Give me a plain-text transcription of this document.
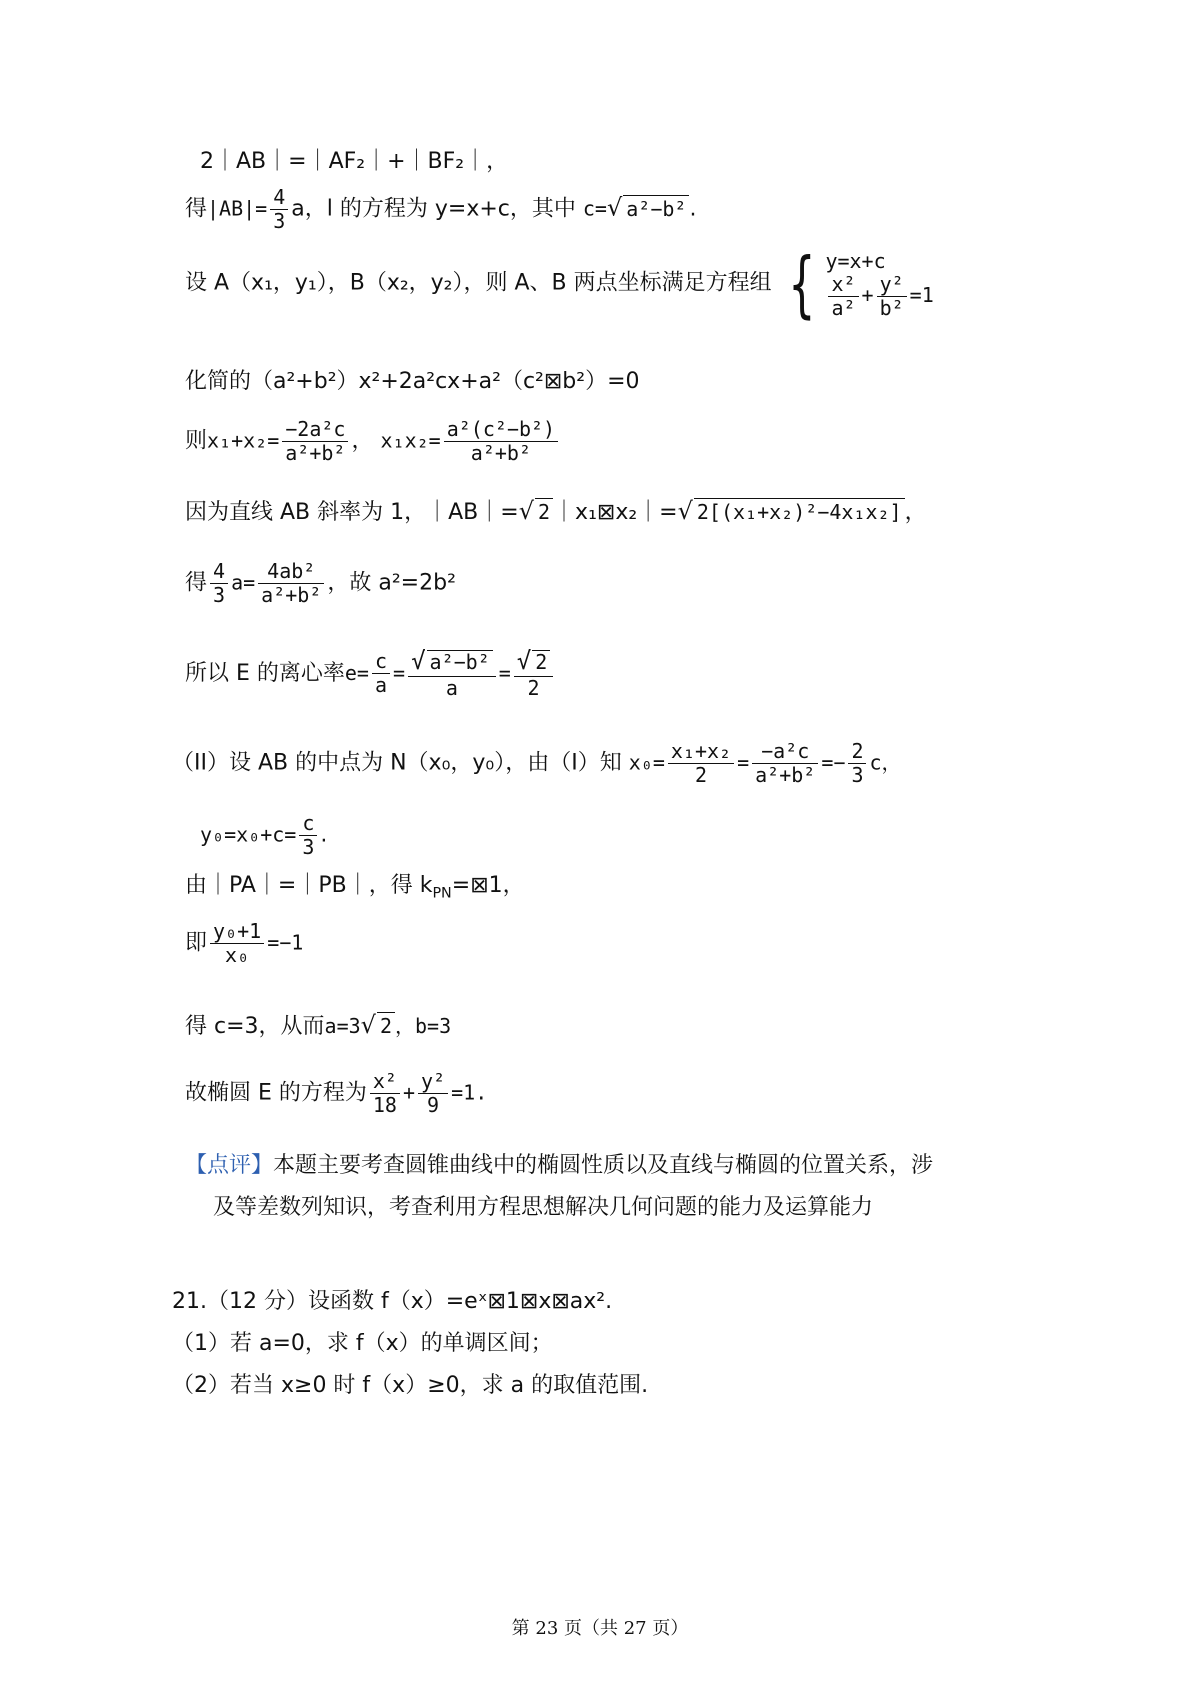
2｜AB｜=｜AF₂｜+｜BF₂｜，
得$|AB|= \frac{4}{3}$ a，l 的方程为 y=x+c，其中 c=√ a²−b² .
设 A（x₁，y₁），B（x₂，y₂），则 A、B 两点坐标满足方程组 { y=x+c
$\frac{\text{x²}}{\text{a²}} + \frac{\text{y²}}{\text{b²}} =1$
化简的（a²+b²）x²+2a²cx+a²（c²⊠b²）=0
则$x_1+x_2= \frac{\text{−2a²c}}{\text{a²+b²}}$ ， $x_1x_2= \frac{\text{a²(c²−b²)}}{\text{a²+b²}}$
因为直线 AB 斜率为 1，｜AB｜=√ 2 ｜x₁⊠x₂｜=√ 2[(x₁+x₂)²−4x₁x₂] ，
得 $\frac{4}{3} a= \frac{\text{4ab²}}{\text{a²+b²}}$ ，故 a²=2b²
所以 E 的离心率$e= \frac{c}{a} = \frac{\text{√ a²−b²}}{a} = \frac{√ 2}{2}$
（II）设 AB 的中点为 N（x₀，y₀），由（I）知 $x_0= \frac{\text{x₁+x₂}}{2} = \frac{\text{−a²c}}{\text{a²+b²}} =- \frac{2}{3}$ c，
$y_0=x_0+c= \frac{c}{3}$ .
由｜PA｜=｜PB｜，得 $k_{PN}=⊠1$，
即 $\frac{\text{y₀+1}}{\text{x₀}} =-1$
得 c=3，从而a=3√ 2 ，b=3
故椭圆 E 的方程为 $\frac{\text{x²}}{18} + \frac{\text{y²}}{9} =1$.
【点评】本题主要考查圆锥曲线中的椭圆性质以及直线与椭圆的位置关系，涉
及等差数列知识，考查利用方程思想解决几何问题的能力及运算能力
21.（12 分）设函数 f（x）=eˣ⊠1⊠x⊠ax².
（1）若 a=0，求 f（x）的单调区间；
（2）若当 x≥0 时 f（x）≥0，求 a 的取值范围.
第 23 页（共 27 页）
